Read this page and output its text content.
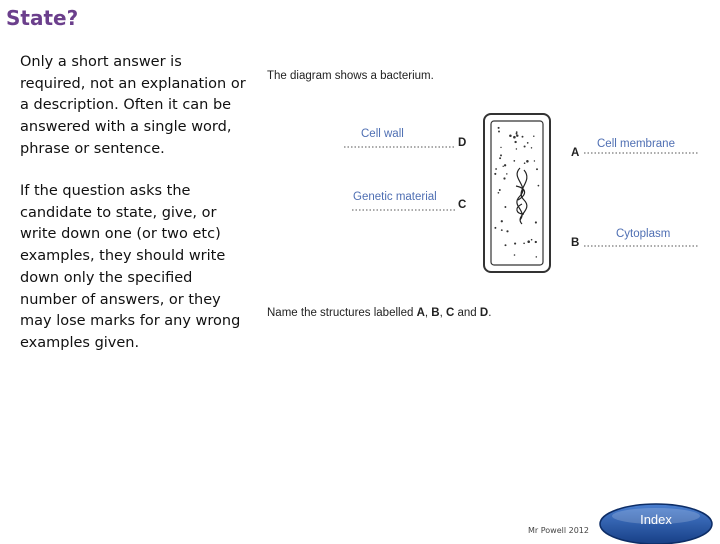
State?
Only a short answer is required, not an explanation or a description. Often it can be answered with a single word, phrase or sentence.
If the question asks the candidate to state, give, or write down one (or two etc) examples, they should write down only the specified number of answers, or they may lose marks for any wrong examples given.
The diagram shows a bacterium.
Cell wall
Genetic material
Cell membrane
Cytoplasm
D
C
A
B
Name the structures labelled A, B, C and D.
Mr Powell 2012
Index
